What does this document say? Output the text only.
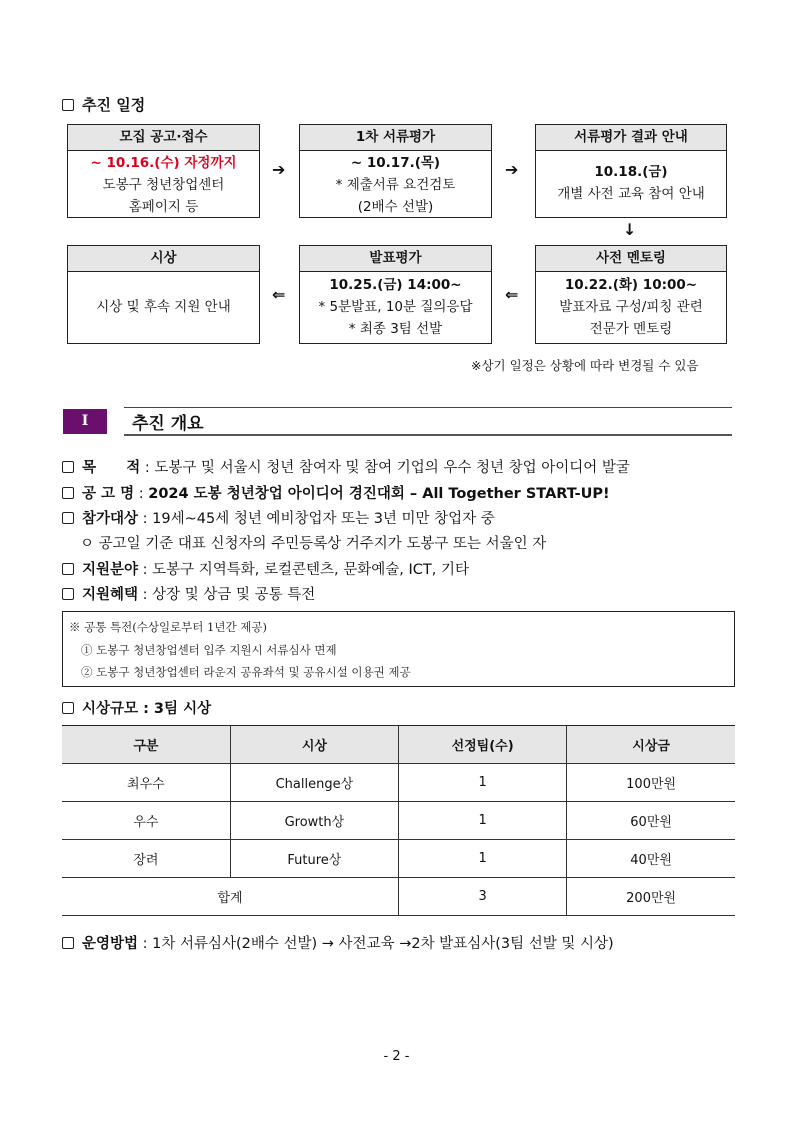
추진 일정
모집 공고·접수
~ 10.16.(수) 자정까지
도봉구 청년창업센터
홈페이지 등
➔
1차 서류평가
~ 10.17.(목)
* 제출서류 요건검토
(2배수 선발)
➔
서류평가 결과 안내
10.18.(금)
개별 사전 교육 참여 안내
↓
시상
시상 및 후속 지원 안내
⇐
발표평가
10.25.(금) 14:00~
* 5분발표, 10분 질의응답
* 최종 3팀 선발
⇐
사전 멘토링
10.22.(화) 10:00~
발표자료 구성/피칭 관련
전문가 멘토링
※상기 일정은 상황에 따라 변경될 수 있음
I	추진 개요
목      적 : 도봉구 및 서울시 청년 참여자 및 참여 기업의 우수 청년 창업 아이디어 발굴
공 고 명 : 2024 도봉 청년창업 아이디어 경진대회 – All Together START-UP!
참가대상 : 19세~45세 청년 예비창업자 또는 3년 미만 창업자 중
ㅇ 공고일 기준 대표 신청자의 주민등록상 거주지가 도봉구 또는 서울인 자
지원분야 : 도봉구 지역특화, 로컬콘텐츠, 문화예술, ICT, 기타
지원혜택 : 상장 및 상금 및 공통 특전
※ 공통 특전(수상일로부터 1년간 제공)
① 도봉구 청년창업센터 입주 지원시 서류심사 면제
② 도봉구 청년창업센터 라운지 공유좌석 및 공유시설 이용권 제공
시상규모 : 3팀 시상
구분	시상	선정팀(수)	시상금
최우수	Challenge상	1	100만원
우수	Growth상	1	60만원
장려	Future상	1	40만원
합계		3	200만원
운영방법 : 1차 서류심사(2배수 선발) → 사전교육 →2차 발표심사(3팀 선발 및 시상)
- 2 -
